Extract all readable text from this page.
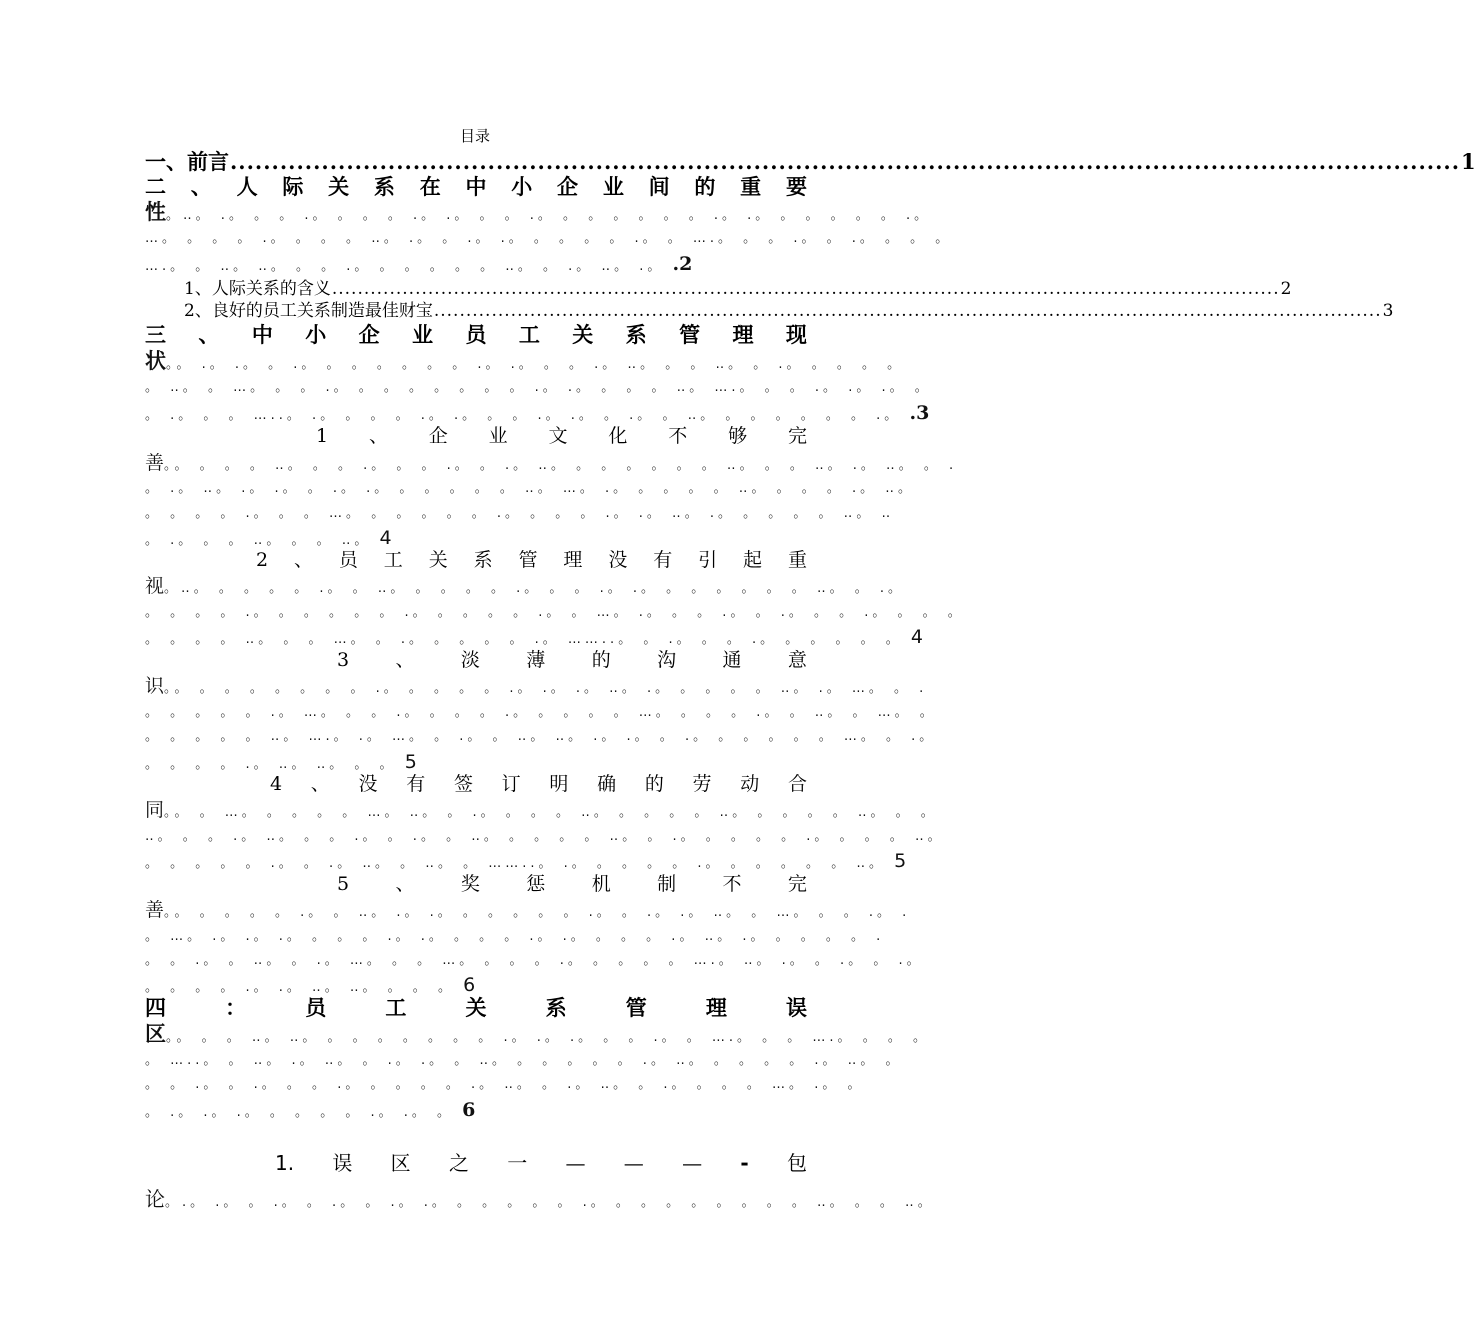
目录
一、前言 .................................................................................................................................................... 1
二 、 人 际 关 系 在 中 小 企 业 间 的 重 要
性。‥。 .。 。 。 .。 。 。 。 .。 .。 。 。 .。 。 。 。 。 。 。 .。 .。 。 。 。 。 。 .。
…。 。 。 。 .。 。 。 。 ‥。 .。 。 .。 .。 。 。 。 。 .。 。 ….。 。 。 .。 。 .。 。 。 。
….。 。 ‥。 ‥。 。 。 .。 。 。 。 。 。 ‥。 。 .。 ‥。 .。 .2
1、人际关系的含义 .................................................................................................................................................... 2
2、良好的员工关系制造最佳财宝 .................................................................................................................................................... 3
三 、 中 小 企 业 员 工 关 系 管 理 现
状。。 .。 .。 。 .。 。 。 。 。 。 。 .。 .。 。 。 .。 ‥。 。 。 ‥。 。 .。 。 。 。 。
。 ‥。 。 …。 。 。 .。 。 。 。 。 。 。 。 .。 .。 。 。 。 ‥。 ….。 。 。 .。 .。 .。 。
。 .。 。 。 …..。 .。 。 。 。 .。 .。 。 。 .。 .。 。 .。 。 ‥。 。 。 。 。 。 。 .。 .3
1 、 企 业 文 化 不 够 完
善。。 。 。 。 ‥。 。 。 .。 。 。 .。 。 .。 ‥。 。 。 。 。 。 。 ‥。 。 。 ‥。 .。 ‥。 。 .
。 .。 ‥。 .。 .。 。 .。 .。 。 。 。 。 。 ‥。 …。 .。 。 。 。 。 ‥。 。 。 。 .。 ‥。
。 。 。 。 .。 。 。 …。 。 。 。 。 。 .。 。 。 。 .。 .。 ‥。 .。 。 。 。 。 ‥。 ‥
。 .。 。 。 ‥。 。 。 ‥。 4
2 、 员 工 关 系 管 理 没 有 引 起 重
视。‥。 。 。 。 。 .。 。 ‥。 。 。 。 。 .。 。 。 .。 .。 。 。 。 。 。 。 ‥。 。 .。
。 。 。 。 .。 。 。 。 。 。 .。 。 。 。 。 .。 。 …。 .。 。 。 .。 。 .。 。 。 .。 。 。 。
。 。 。 。 ‥。 。 。 …。 。 .。 。 。 。 。 .。 ……..。 。 .。 。 。 .。 。 。 。 。 。 4
3 、 淡 薄 的 沟 通 意
识。。 。 。 。 。 。 。 。 .。 。 。 。 。 .。 .。 .。 ‥。 .。 。 。 。 。 ‥。 .。 …。 。 .
。 。 。 。 。 .。 …。 。 。 .。 。 。 。 .。 。 。 。 。 …。 。 。 。 .。 。 ‥。 。 …。 。
。 。 。 。 。 ‥。 ….。 .。 …。 。 .。 。 ‥。 ‥。 .。 .。 。 .。 。 。 。 。 。 …。 。 .。
。 。 。 。 .。 ‥。 ‥。 。 。 5
4 、 没 有 签 订 明 确 的 劳 动 合
同。。 。 …。 。 。 。 。 …。 ‥。 。 .。 。 。 。 ‥。 。 。 。 。 ‥。 。 。 。 。 ‥。 。 。
‥。 。 。 .。 ‥。 。 。 .。 。 .。 。 ‥。 。 。 。 。 ‥。 。 .。 。 。 。 。 .。 。 。 。 ‥。
。 。 。 。 。 .。 。 .。 ‥。 。 ‥。 。 ……..。 .。 。 。 。 。 .。 。 。 。 。 。 ‥。 5
5 、 奖 惩 机 制 不 完
善。。 。 。 。 。 .。 。 ‥。 .。 .。 。 。 。 。 。 .。 。 .。 .。 ‥。 。 …。 。 。 .。 .
。 …。 .。 .。 .。 。 。 。 .。 .。 。 。 。 .。 .。 。 。 。 .。 ‥。 .。 。 。 。 。 .
。 。 .。 。 ‥。 。 .。 …。 。 。 …。 。 。 。 .。 。 。 。 。 ….。 ‥。 .。 。 .。 。 .。
。 。 。 。 .。 .。 ‥。 ‥。 。 。 。 6
四	：	员	工	关	系	管	理	误
区。。 。 。 ‥。 ‥。 。 。 。 。 。 。 。 .。 .。 .。 。 。 .。 。 ….。 。 。 ….。 。 。 。
。 …..。 。 ‥。 .。 ‥。 。 .。 .。 。 ‥。 。 。 。 。 。 .。 ‥。 。 。 。 。 .。 ‥。 。
。 。 .。 。 .。 。 。 .。 。 。 。 。 .。 ‥。 。 .。 ‥。 。 .。 。 。 。 …。 .。 。
。 .。 .。 .。 。 。 。 。 .。 .。 。 6
1. 误 区 之 一 — — — - 包
论。.。 .。 。 .。 。 .。 。 .。 .。 。 。 。 。 。 .。 。 。 。 。 。 。 。 。 ‥。 。 。 ‥。
